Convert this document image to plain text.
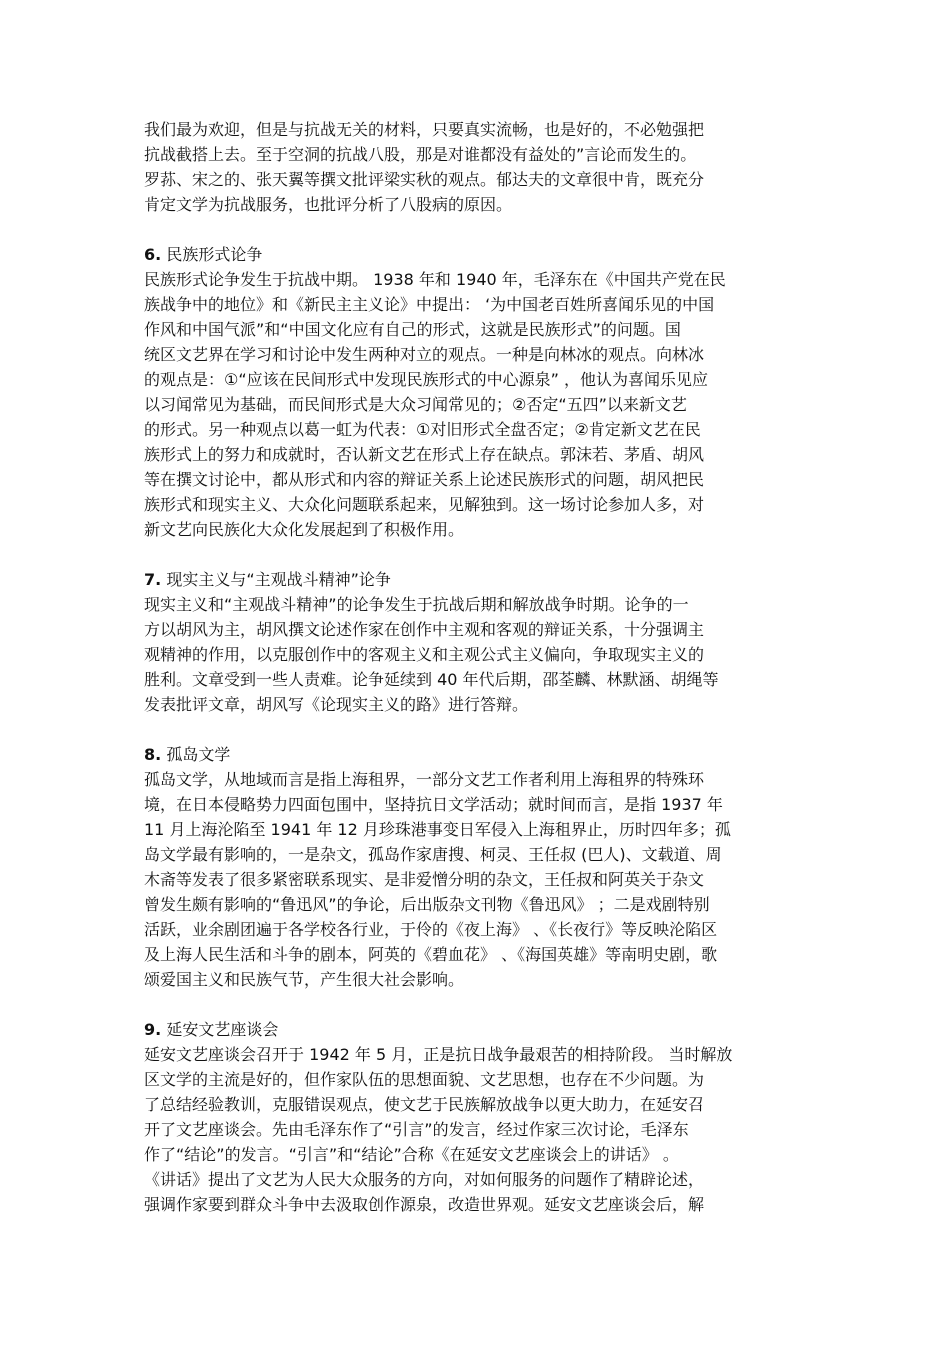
我们最为欢迎，但是与抗战无关的材料，只要真实流畅，也是好的，不必勉强把
抗战截搭上去。至于空洞的抗战八股，那是对谁都没有益处的”言论而发生的。
罗荪、宋之的、张天翼等撰文批评梁实秋的观点。郁达夫的文章很中肯，既充分
肯定文学为抗战服务，也批评分析了八股病的原因。
6. 民族形式论争
民族形式论争发生于抗战中期。 1938 年和 1940 年，毛泽东在《中国共产党在民
族战争中的地位》和《新民主主义论》中提出： ‘为中国老百姓所喜闻乐见的中国
作风和中国气派”和“中国文化应有自己的形式，这就是民族形式”的问题。国
统区文艺界在学习和讨论中发生两种对立的观点。一种是向林冰的观点。向林冰
的观点是：①“应该在民间形式中发现民族形式的中心源泉” ，他认为喜闻乐见应
以习闻常见为基础，而民间形式是大众习闻常见的；②否定“五四”以来新文艺
的形式。另一种观点以葛一虹为代表：①对旧形式全盘否定；②肯定新文艺在民
族形式上的努力和成就时，否认新文艺在形式上存在缺点。郭沫若、茅盾、胡风
等在撰文讨论中，都从形式和内容的辩证关系上论述民族形式的问题，胡风把民
族形式和现实主义、大众化问题联系起来，见解独到。这一场讨论参加人多，对
新文艺向民族化大众化发展起到了积极作用。
7. 现实主义与“主观战斗精神”论争
现实主义和“主观战斗精神”的论争发生于抗战后期和解放战争时期。论争的一
方以胡风为主，胡风撰文论述作家在创作中主观和客观的辩证关系，十分强调主
观精神的作用，以克服创作中的客观主义和主观公式主义偏向，争取现实主义的
胜利。文章受到一些人责难。论争延续到 40 年代后期，邵荃麟、林默涵、胡绳等
发表批评文章，胡风写《论现实主义的路》进行答辩。
8. 孤岛文学
孤岛文学，从地域而言是指上海租界，一部分文艺工作者利用上海租界的特殊环
境，在日本侵略势力四面包围中，坚持抗日文学活动；就时间而言，是指 1937 年
11 月上海沦陷至 1941 年 12 月珍珠港事变日军侵入上海租界止，历时四年多；孤
岛文学最有影响的，一是杂文，孤岛作家唐搜、柯灵、王任叔 (巴人)、文载道、周
木斋等发表了很多紧密联系现实、是非爱憎分明的杂文，王任叔和阿英关于杂文
曾发生颇有影响的“鲁迅风”的争论，后出版杂文刊物《鲁迅风》 ；二是戏剧特别
活跃，业余剧团遍于各学校各行业，于伶的《夜上海》 、《长夜行》等反映沦陷区
及上海人民生活和斗争的剧本，阿英的《碧血花》 、《海国英雄》等南明史剧，歌
颂爱国主义和民族气节，产生很大社会影响。
9. 延安文艺座谈会
延安文艺座谈会召开于 1942 年 5 月，正是抗日战争最艰苦的相持阶段。 当时解放
区文学的主流是好的，但作家队伍的思想面貌、文艺思想，也存在不少问题。为
了总结经验教训，克服错误观点，使文艺于民族解放战争以更大助力，在延安召
开了文艺座谈会。先由毛泽东作了“引言”的发言，经过作家三次讨论，毛泽东
作了“结论”的发言。“引言”和“结论”合称《在延安文艺座谈会上的讲话》 。
《讲话》提出了文艺为人民大众服务的方向，对如何服务的问题作了精辟论述，
强调作家要到群众斗争中去汲取创作源泉，改造世界观。延安文艺座谈会后，解
